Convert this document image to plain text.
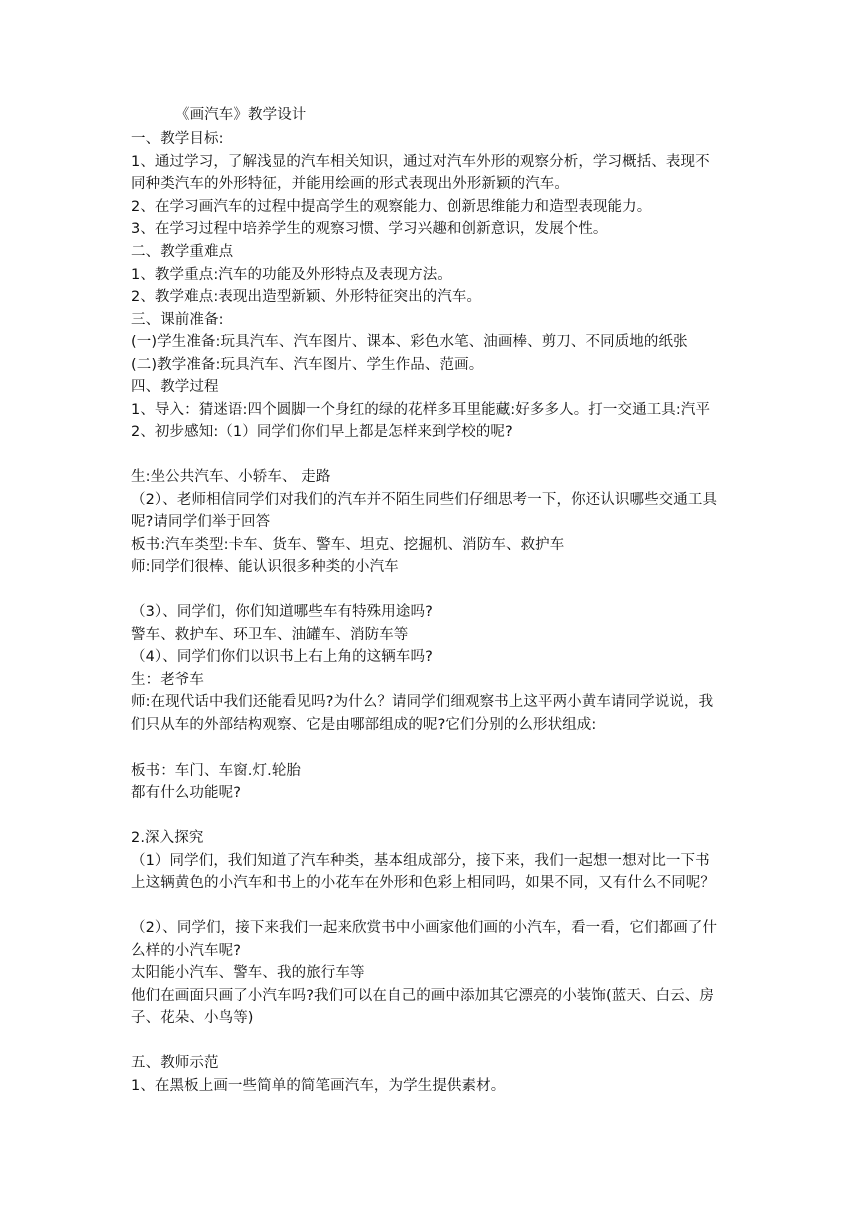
《画汽车》教学设计
一、教学目标:
1、通过学习，了解浅显的汽车相关知识，通过对汽车外形的观察分析，学习概括、表现不
同种类汽车的外形特征，并能用绘画的形式表现出外形新颖的汽车。
2、在学习画汽车的过程中提高学生的观察能力、创新思维能力和造型表现能力。
3、在学习过程中培养学生的观察习惯、学习兴趣和创新意识，发展个性。
二、教学重难点
1、教学重点:汽车的功能及外形特点及表现方法。
2、教学难点:表现出造型新颖、外形特征突出的汽车。
三、课前准备:
(一)学生准备:玩具汽车、汽车图片、课本、彩色水笔、油画棒、剪刀、不同质地的纸张
(二)教学准备:玩具汽车、汽车图片、学生作品、范画。
四、教学过程
1、导入：猜迷语:四个圆脚一个身红的绿的花样多耳里能藏:好多多人。打一交通工具:汽平
2、初步感知:（1）同学们你们早上都是怎样来到学校的呢?
生:坐公共汽车、小轿车、 走路
（2）、老师相信同学们对我们的汽车并不陌生同些们仔细思考一下，你还认识哪些交通工具
呢?请同学们举于回答
板书:汽车类型:卡车、货车、警车、坦克、挖掘机、消防车、救护车
师:同学们很棒、能认识很多种类的小汽车
（3）、同学们，你们知道哪些车有特殊用途吗?
警车、救护车、环卫车、油罐车、消防车等
（4）、同学们你们以识书上右上角的这辆车吗?
生：老爷车
师:在现代话中我们还能看见吗?为什么？请同学们细观察书上这平两小黄车请同学说说，我
们只从车的外部结构观察、它是由哪部组成的呢?它们分别的么形状组成:
板书：车门、车窗.灯.轮胎
都有什么功能呢?
2.深入探究
（1）同学们，我们知道了汽车种类，基本组成部分，接下来，我们一起想一想对比一下书
上这辆黄色的小汽车和书上的小花车在外形和色彩上相同吗，如果不同，又有什么不同呢？
（2）、同学们，接下来我们一起来欣赏书中小画家他们画的小汽车，看一看，它们都画了什
么样的小汽车呢?
太阳能小汽车、警车、我的旅行车等
他们在画面只画了小汽车吗?我们可以在自己的画中添加其它漂亮的小装饰(蓝天、白云、房
子、花朵、小鸟等)
五、教师示范
1、在黑板上画一些简单的简笔画汽车，为学生提供素材。
